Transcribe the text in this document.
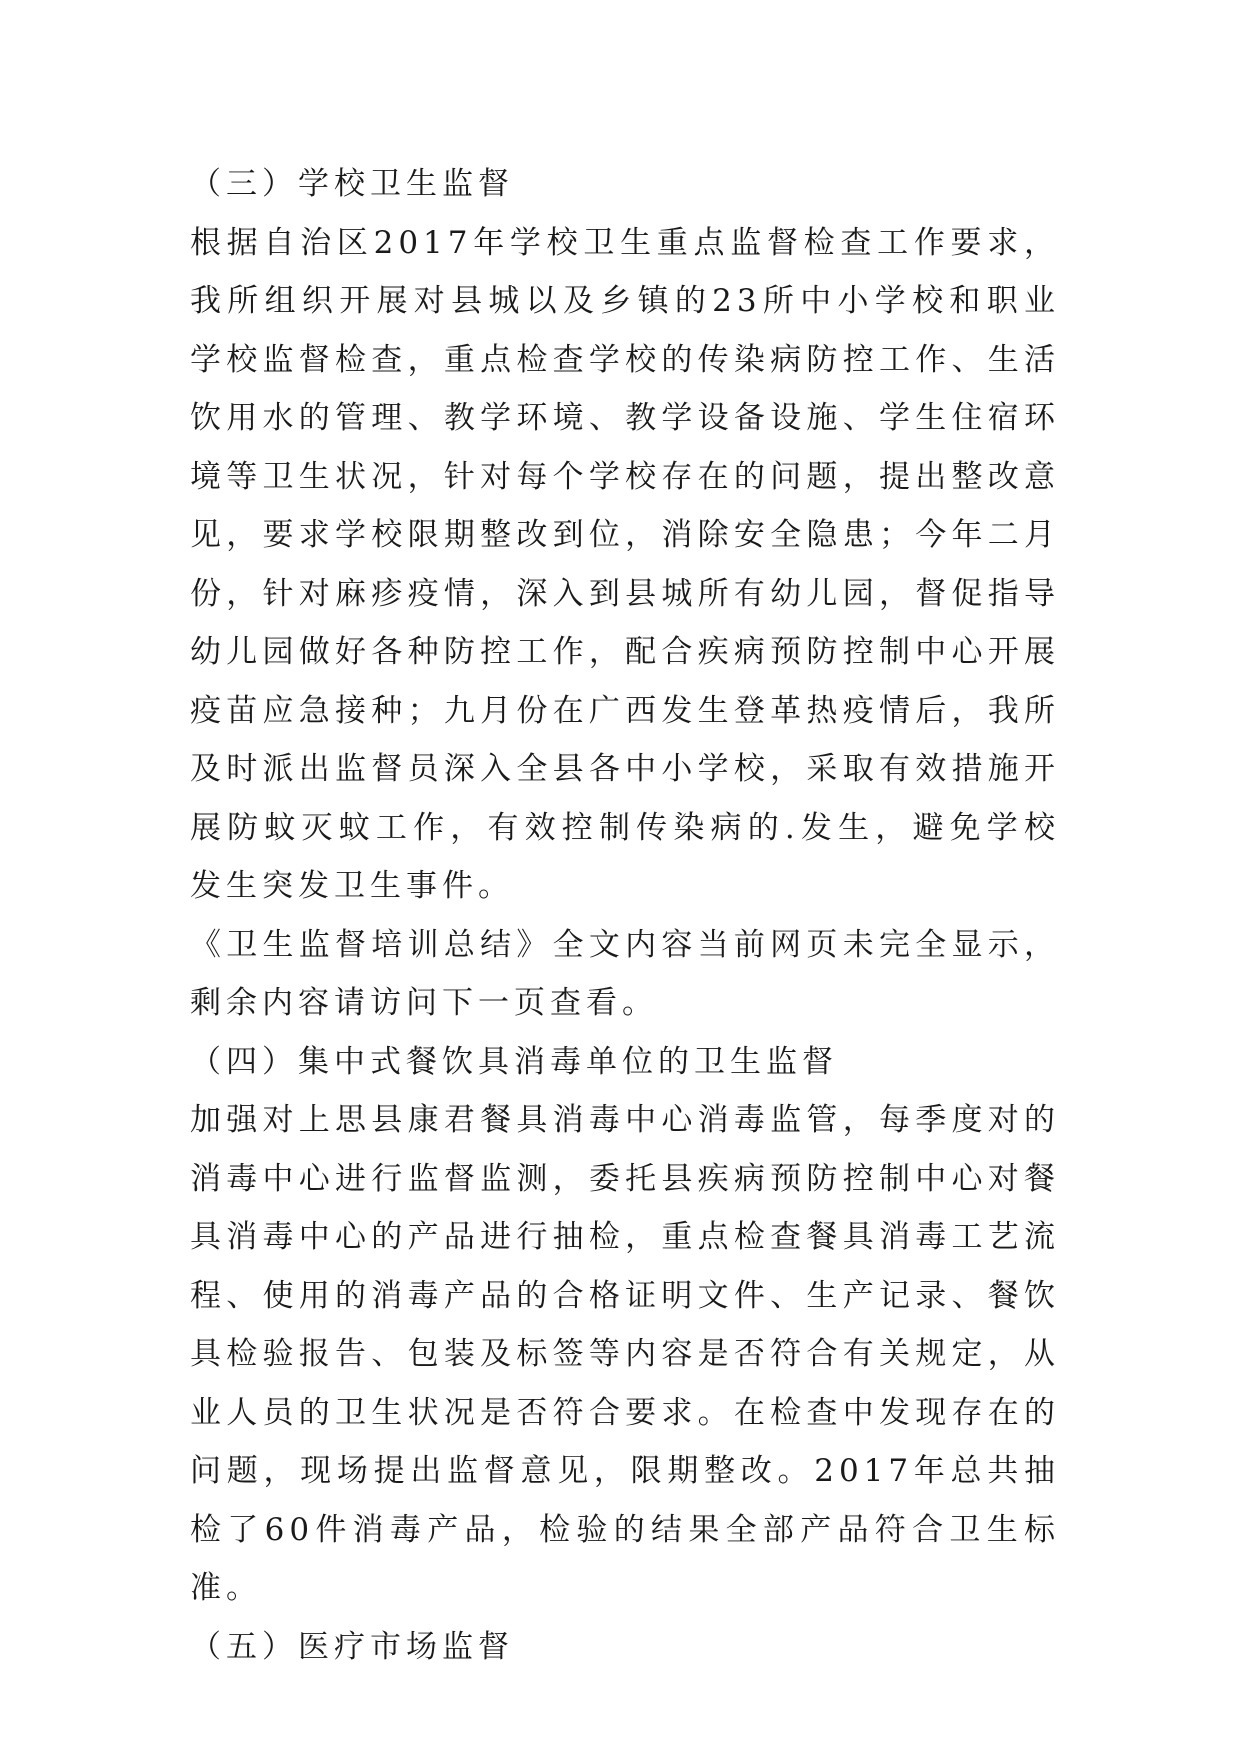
（三）学校卫生监督

根据自治区2017年学校卫生重点监督检查工作要求，我所组织开展对县城以及乡镇的23所中小学校和职业学校监督检查，重点检查学校的传染病防控工作、生活饮用水的管理、教学环境、教学设备设施、学生住宿环境等卫生状况，针对每个学校存在的问题，提出整改意见，要求学校限期整改到位，消除安全隐患；今年二月份，针对麻疹疫情，深入到县城所有幼儿园，督促指导幼儿园做好各种防控工作，配合疾病预防控制中心开展疫苗应急接种；九月份在广西发生登革热疫情后，我所及时派出监督员深入全县各中小学校，采取有效措施开展防蚊灭蚊工作，有效控制传染病的.发生，避免学校发生突发卫生事件。

《卫生监督培训总结》全文内容当前网页未完全显示，剩余内容请访问下一页查看。

（四）集中式餐饮具消毒单位的卫生监督

加强对上思县康君餐具消毒中心消毒监管，每季度对的消毒中心进行监督监测，委托县疾病预防控制中心对餐具消毒中心的产品进行抽检，重点检查餐具消毒工艺流程、使用的消毒产品的合格证明文件、生产记录、餐饮具检验报告、包装及标签等内容是否符合有关规定，从业人员的卫生状况是否符合要求。在检查中发现存在的问题，现场提出监督意见，限期整改。2017年总共抽检了60件消毒产品，检验的结果全部产品符合卫生标准。

（五）医疗市场监督
